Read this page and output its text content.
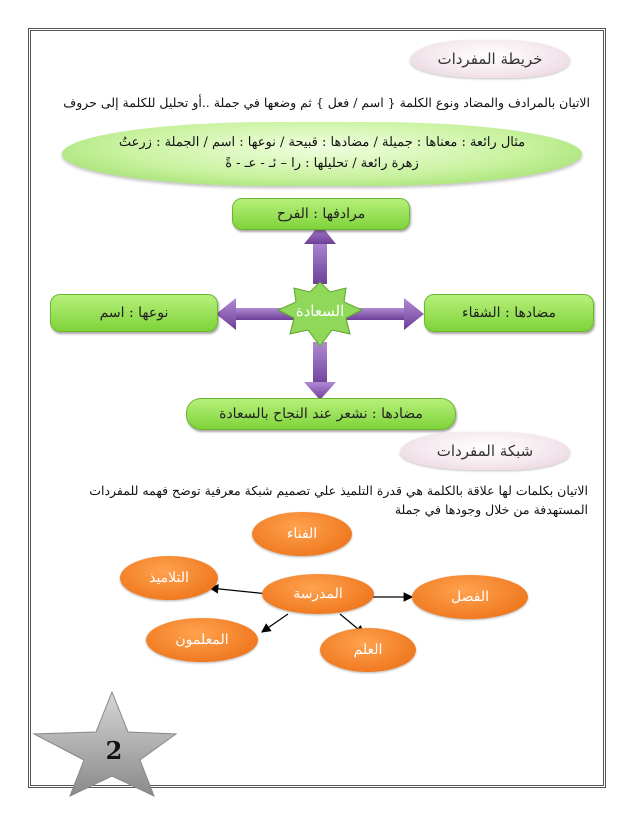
خريطة المفردات
الاتيان بالمرادف والمضاد ونوع الكلمة { اسم / فعل } ثم وضعها في جملة ..أو تحليل للكلمة إلى حروف
مثال رائعة : معناها : جميلة / مضادها : قبيحة / نوعها : اسم / الجملة : زرعتُ
زهرة رائعة / تحليلها : را – ئـ - عـ - ةً
السعادة
مرادفها : الفرح
نوعها : اسم	مضادها : الشقاء
مضادها : نشعر عند النجاح بالسعادة
شبكة المفردات
الاتيان بكلمات لها علاقة بالكلمة هي قدرة التلميذ علي تصميم شبكة معرفية توضح فهمه للمفردات
المستهدفة من خلال وجودها في جملة
الفناء
التلاميذ
المدرسة	الفصل
المعلمون
العلم
2
